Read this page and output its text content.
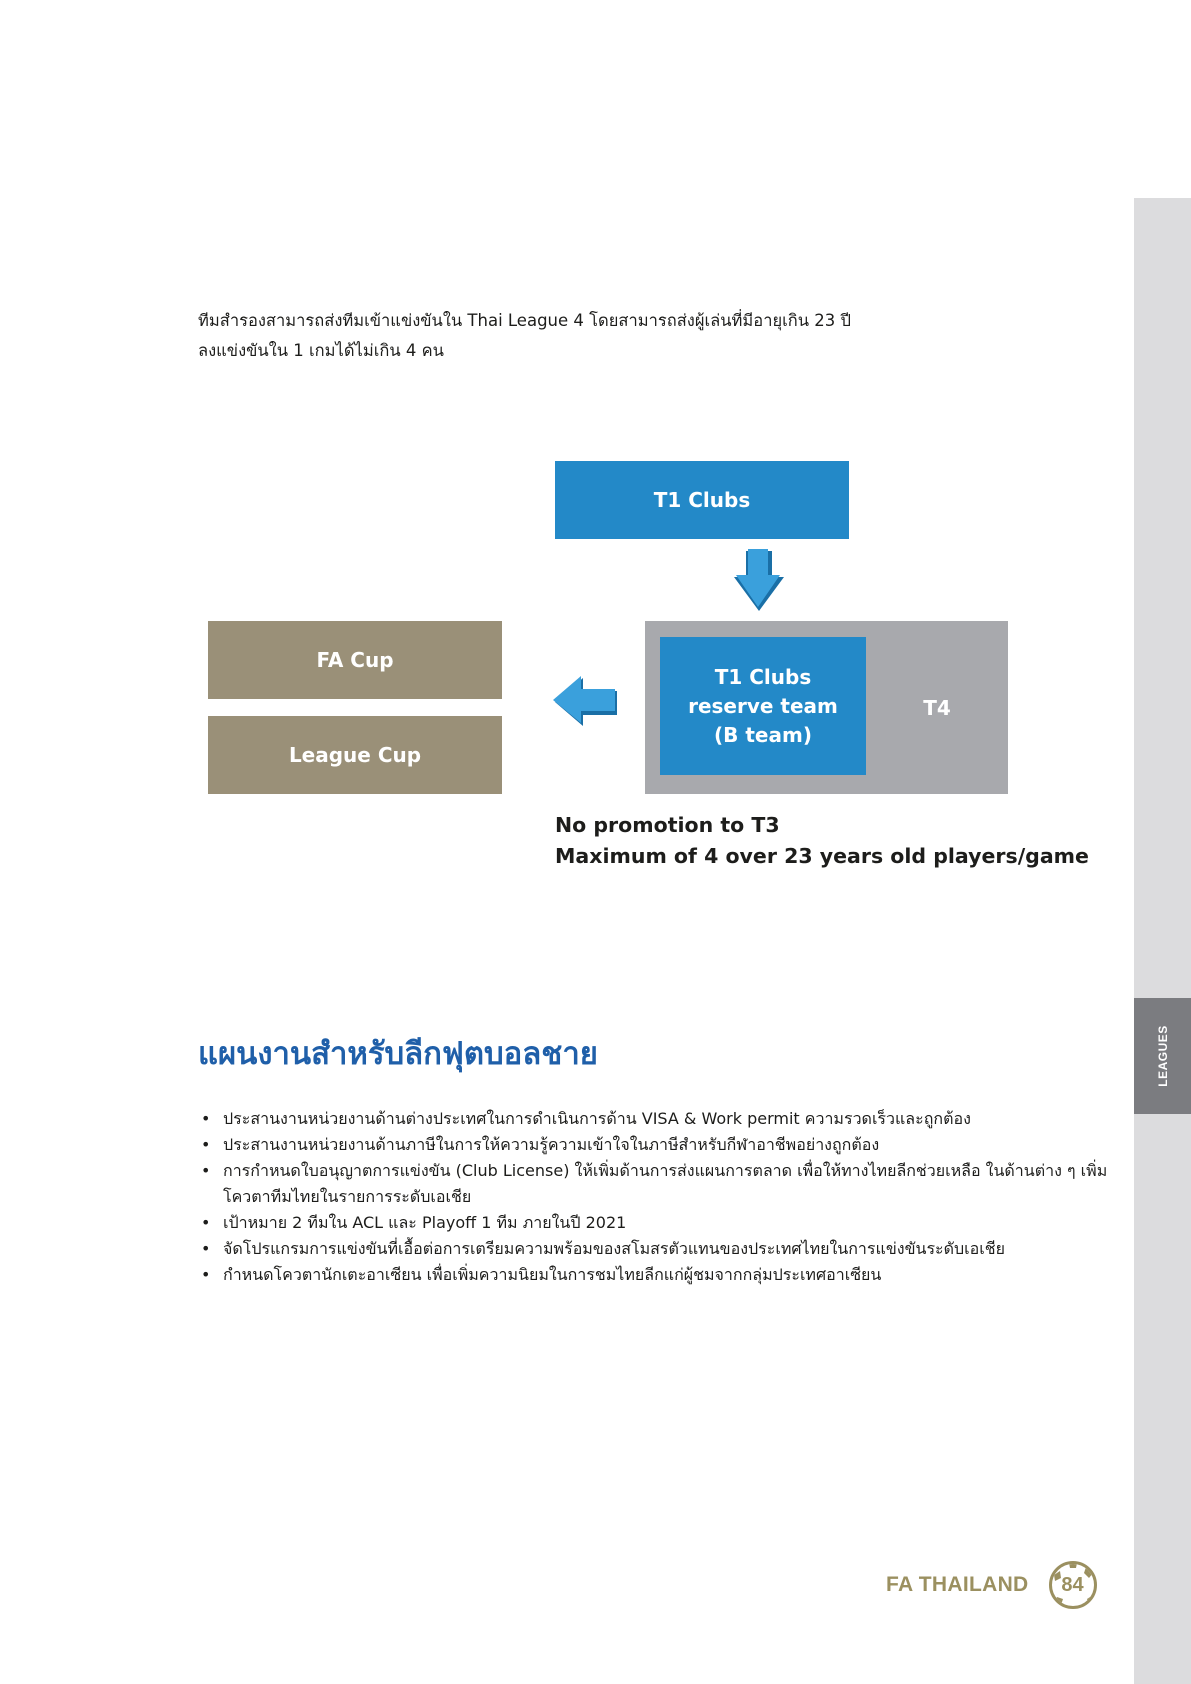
LEAGUES

ทีมสำรองสามารถส่งทีมเข้าแข่งขันใน Thai League 4 โดยสามารถส่งผู้เล่นที่มีอายุเกิน 23 ปี

ลงแข่งขันใน 1 เกมได้ไม่เกิน 4 คน

T1 Clubs
T1 Clubs
reserve team
(B team)
T4
FA Cup
League Cup

No promotion to T3

Maximum of 4 over 23 years old players/game

แผนงานสำหรับลีกฟุตบอลชาย
• ประสานงานหน่วยงานด้านต่างประเทศในการดำเนินการด้าน VISA & Work permit ความรวดเร็วและถูกต้อง
• ประสานงานหน่วยงานด้านภาษีในการให้ความรู้ความเข้าใจในภาษีสำหรับกีฬาอาชีพอย่างถูกต้อง
• การกำหนดใบอนุญาตการแข่งขัน (Club License) ให้เพิ่มด้านการส่งแผนการตลาด เพื่อให้ทางไทยลีกช่วยเหลือ ในด้านต่าง ๆ เพิ่มโควตาทีมไทยในรายการระดับเอเชีย
• เป้าหมาย 2 ทีมใน ACL และ Playoff 1 ทีม ภายในปี 2021
• จัดโปรแกรมการแข่งขันที่เอื้อต่อการเตรียมความพร้อมของสโมสรตัวแทนของประเทศไทยในการแข่งขันระดับเอเชีย
• กำหนดโควตานักเตะอาเซียน เพื่อเพิ่มความนิยมในการชมไทยลีกแก่ผู้ชมจากกลุ่มประเทศอาเซียน
FA THAILAND 84
